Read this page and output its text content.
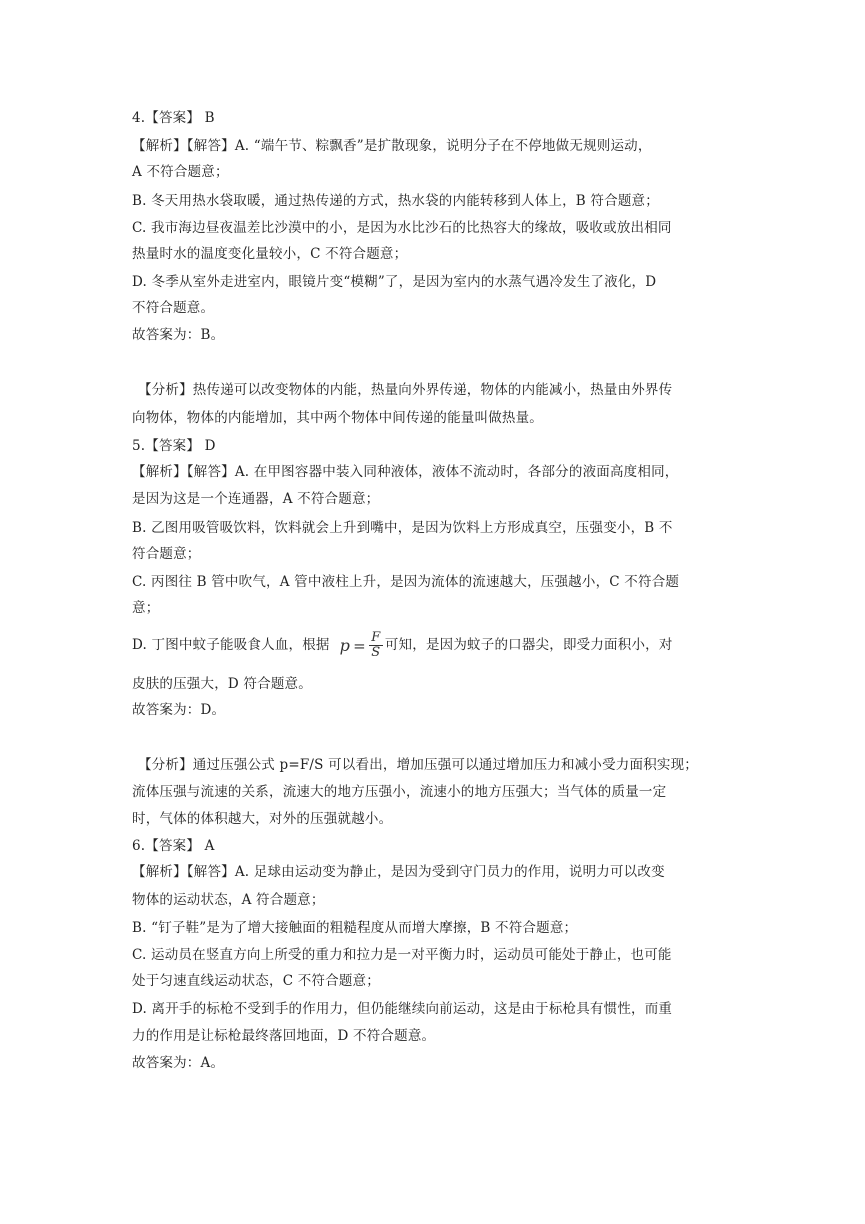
4.【答案】 B
【解析】【解答】A. “端午节、粽飘香”是扩散现象，说明分子在不停地做无规则运动，
A 不符合题意；
B. 冬天用热水袋取暖，通过热传递的方式，热水袋的内能转移到人体上，B 符合题意；
C. 我市海边昼夜温差比沙漠中的小，是因为水比沙石的比热容大的缘故，吸收或放出相同
热量时水的温度变化量较小，C 不符合题意；
D. 冬季从室外走进室内，眼镜片变“模糊”了，是因为室内的水蒸气遇冷发生了液化，D
不符合题意。
故答案为：B。
【分析】热传递可以改变物体的内能，热量向外界传递，物体的内能减小，热量由外界传
向物体，物体的内能增加，其中两个物体中间传递的能量叫做热量。
5.【答案】 D
【解析】【解答】A. 在甲图容器中装入同种液体，液体不流动时，各部分的液面高度相同，
是因为这是一个连通器，A 不符合题意；
B. 乙图用吸管吸饮料，饮料就会上升到嘴中，是因为饮料上方形成真空，压强变小，B 不
符合题意；
C. 丙图往 B 管中吹气，A 管中液柱上升，是因为流体的流速越大，压强越小，C 不符合题
意；
D. 丁图中蚊子能吸食人血，根据 p = F
S 可知，是因为蚊子的口器尖，即受力面积小，对
皮肤的压强大，D 符合题意。
故答案为：D。
【分析】通过压强公式 p=F/S 可以看出，增加压强可以通过增加压力和减小受力面积实现；
流体压强与流速的关系，流速大的地方压强小，流速小的地方压强大；当气体的质量一定
时，气体的体积越大，对外的压强就越小。
6.【答案】 A
【解析】【解答】A. 足球由运动变为静止，是因为受到守门员力的作用，说明力可以改变
物体的运动状态，A 符合题意；
B. “钉子鞋”是为了增大接触面的粗糙程度从而增大摩擦，B 不符合题意；
C. 运动员在竖直方向上所受的重力和拉力是一对平衡力时，运动员可能处于静止，也可能
处于匀速直线运动状态，C 不符合题意；
D. 离开手的标枪不受到手的作用力，但仍能继续向前运动，这是由于标枪具有惯性，而重
力的作用是让标枪最终落回地面，D 不符合题意。
故答案为：A。
